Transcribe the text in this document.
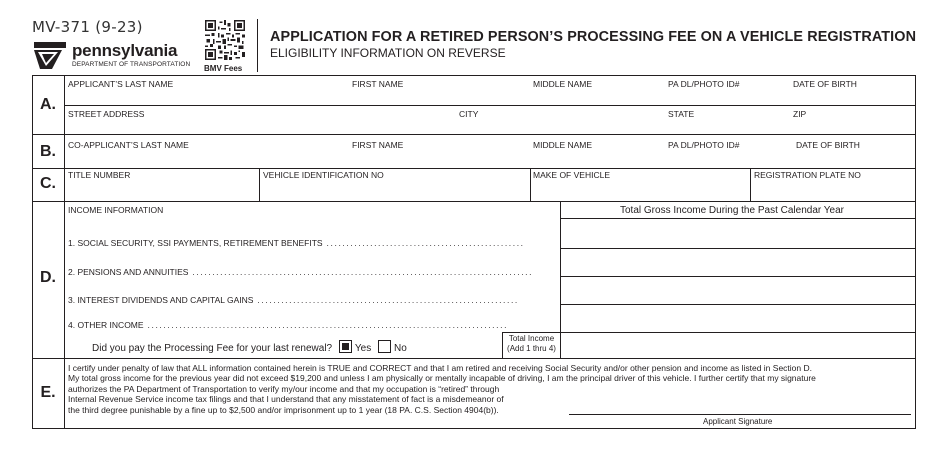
MV-371 (9-23)
pennsylvania
DEPARTMENT OF TRANSPORTATION BMV Fees
APPLICATION FOR A RETIRED PERSON’S PROCESSING FEE ON A VEHICLE REGISTRATION
ELIGIBILITY INFORMATION ON REVERSE
A.
APPLICANT’S LAST NAME	FIRST NAME	MIDDLE NAME	PA DL/PHOTO ID#	DATE OF BIRTH
STREET ADDRESS	CITY	STATE	ZIP
B.	CO-APPLICANT’S LAST NAME	FIRST NAME	MIDDLE NAME	PA DL/PHOTO ID#	DATE OF BIRTH
C.	TITLE NUMBER	VEHICLE IDENTIFICATION NO	MAKE OF VEHICLE	REGISTRATION PLATE NO
D.
INCOME INFORMATION	Total Gross Income During the Past Calendar Year
1. SOCIAL SECURITY, SSI PAYMENTS, RETIREMENT BENEFITS ..................................................
2. PENSIONS AND ANNUITIES ......................................................................................
3. INTEREST DIVIDENDS AND CAPITAL GAINS ..................................................................
4. OTHER INCOME ...........................................................................................
Total Income
(Add 1 thru 4)
Did you pay the Processing Fee for your last renewal? Yes No
E.
I certify under penalty of law that ALL information contained herein is TRUE and CORRECT and that I am retired and receiving Social Security and/or other pension and income as listed in Section D.
My total gross income for the previous year did not exceed $19,200 and unless I am physically or mentally incapable of driving, I am the principal driver of this vehicle. I further certify that my signature
authorizes the PA Department of Transportation to verify my/our income and that my occupation is “retired” through
Internal Revenue Service income tax filings and that I understand that any misstatement of fact is a misdemeanor of
the third degree punishable by a fine up to $2,500 and/or imprisonment up to 1 year (18 PA. C.S. Section 4904(b)).
Applicant Signature
